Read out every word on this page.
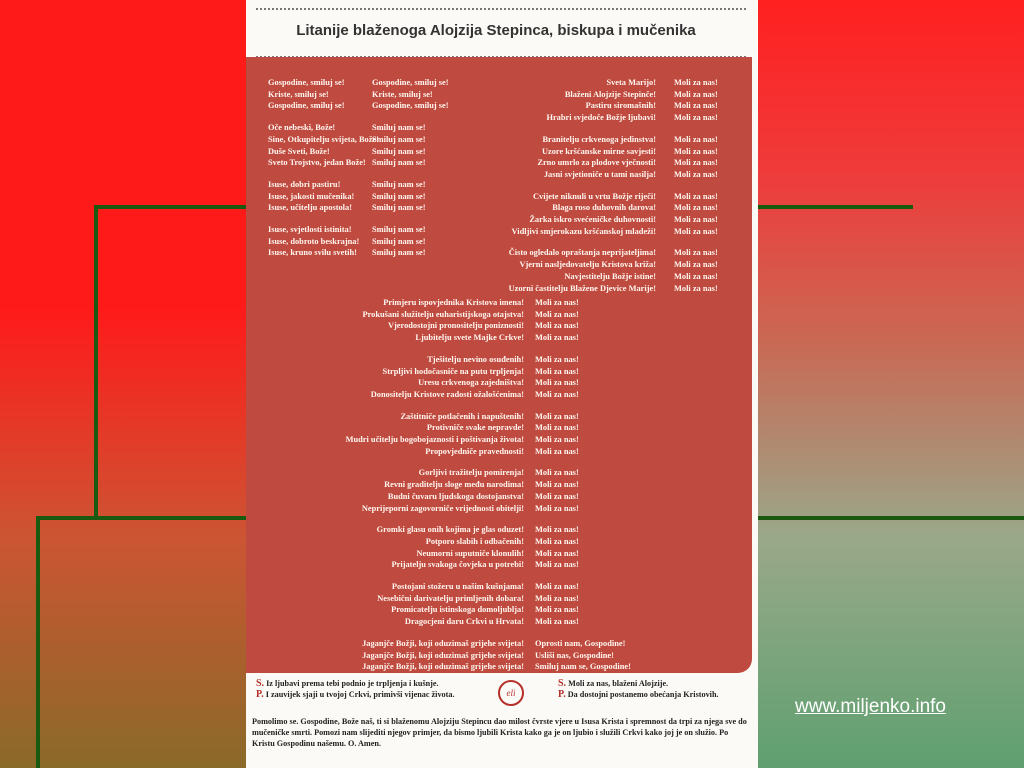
Litanije blaženoga Alojzija Stepinca, biskupa i mučenika
Gospodine, smiluj se!
Kriste, smiluj se!
Gospodine, smiluj se!
Oče nebeski, Bože!
Sine, Otkupitelju svijeta, Bože!
Duše Sveti, Bože!
Sveto Trojstvo, jedan Bože!
Isuse, dobri pastiru!
Isuse, jakosti mučenika!
Isuse, učitelju apostola!
Isuse, svjetlosti istinita!
Isuse, dobroto beskrajna!
Isuse, kruno svilu svetih!
Gospodine, smiluj se!
Kriste, smiluj se!
Gospodine, smiluj se!
Smiluj nam se!
Smiluj nam se!
Smiluj nam se!
Smiluj nam se!
Smiluj nam se!
Smiluj nam se!
Smiluj nam se!
Smiluj nam se!
Smiluj nam se!
Smiluj nam se!
Sveta Marijo!
Blaženi Alojzije Stepinče!
Pastiru siromašnih!
Hrabri svjedoče Božje ljubavi!
Branitelju crkvenoga jedinstva!
Uzore kršćanske mirne savjesti!
Zrno umrlo za plodove vječnosti!
Jasni svjetioniče u tami nasilja!
Cvijete niknuli u vrtu Božje riječi!
Blaga roso duhovnih darova!
Žarka iskro svećeničke duhovnosti!
Vidljivi smjerokazu kršćanskoj mladeži!
Čisto ogledalo opraštanja neprijateljima!
Vjerni nasljedovatelju Kristova križa!
Navjestitelju Božje istine!
Uzorni častitelju Blažene Djevice Marije!
Moli za nas!
Moli za nas!
Moli za nas!
Moli za nas!
Moli za nas!
Moli za nas!
Moli za nas!
Moli za nas!
Moli za nas!
Moli za nas!
Moli za nas!
Moli za nas!
Moli za nas!
Moli za nas!
Moli za nas!
Moli za nas!
Primjeru ispovjednika Kristova imena!
Prokušani služitelju euharistijskoga otajstva!
Vjerodostojni pronositelju poniznosti!
Ljubitelju svete Majke Crkve!
Tješitelju nevino osuđenih!
Strpljivi hodočasniče na putu trpljenja!
Uresu crkvenoga zajedništva!
Donositelju Kristove radosti ožalošćenima!
Zaštitniče potlačenih i napuštenih!
Protivniče svake nepravde!
Mudri učitelju bogobojaznosti i poštivanja života!
Propovjedniče pravednosti!
Gorljivi tražitelju pomirenja!
Revni graditelju sloge među narodima!
Budni čuvaru ljudskoga dostojanstva!
Neprijeporni zagovorniče vrijednosti obitelji!
Gromki glasu onih kojima je glas oduzet!
Potporo slabih i odbačenih!
Neumorni suputniče klonulih!
Prijatelju svakoga čovjeka u potrebi!
Postojani stožeru u našim kušnjama!
Nesebični darivatelju primljenih dobara!
Promicatelju istinskoga domoljublja!
Dragocjeni daru Crkvi u Hrvata!
Jaganjče Božji, koji oduzimaš grijehe svijeta!
Jaganjče Božji, koji oduzimaš grijehe svijeta!
Jaganjče Božji, koji oduzimaš grijehe svijeta!
Moli za nas!
Moli za nas!
Moli za nas!
Moli za nas!
Moli za nas!
Moli za nas!
Moli za nas!
Moli za nas!
Moli za nas!
Moli za nas!
Moli za nas!
Moli za nas!
Moli za nas!
Moli za nas!
Moli za nas!
Moli za nas!
Moli za nas!
Moli za nas!
Moli za nas!
Moli za nas!
Moli za nas!
Moli za nas!
Moli za nas!
Moli za nas!
Oprosti nam, Gospodine!
Usliši nas, Gospodine!
Smiluj nam se, Gospodine!
S. Iz ljubavi prema tebi podnio je trpljenja i kušnje.
P. I zauvijek sjaji u tvojoj Crkvi, primivši vijenac života.
S. Moli za nas, blaženi Alojzije.
P. Da dostojni postanemo obećanja Kristovih.
Pomolimo se. Gospodine, Bože naš, ti si blaženomu Alojziju Stepincu dao milost čvrste vjere u Isusa Krista i spremnost da trpi za njega sve do mučeničke smrti. Pomozi nam slijediti njegov primjer, da bismo ljubili Krista kako ga je on ljubio i služili Crkvi kako joj je on služio. Po Kristu Gospodinu našemu. O. Amen.
eli
www.miljenko.info
